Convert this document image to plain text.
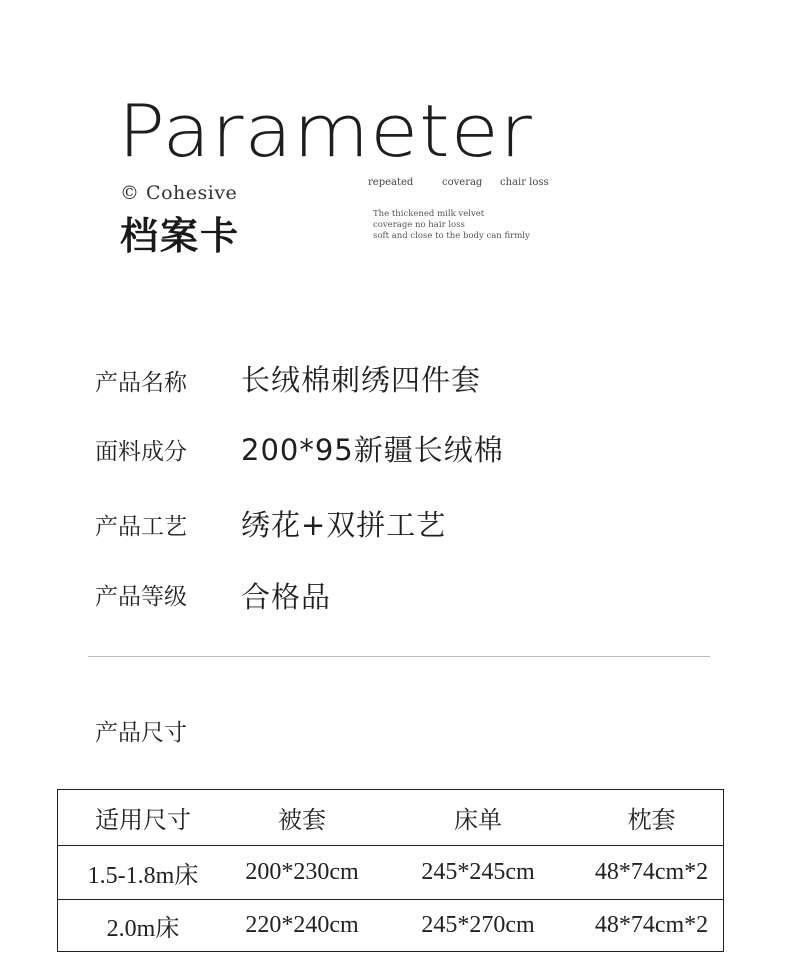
Parameter
© Cohesive
档案卡
repeated	coverag chair loss
The thickened milk velvet
coverage no hair loss
soft and close to the body can firmly
产品名称 长绒棉刺绣四件套
面料成分 200*95新疆长绒棉
产品工艺 绣花+双拼工艺
产品等级 合格品
产品尺寸
适用尺寸	被套	床单	枕套
1.5-1.8m床	200*230cm	245*245cm	48*74cm*2
2.0m床	220*240cm	245*270cm	48*74cm*2
